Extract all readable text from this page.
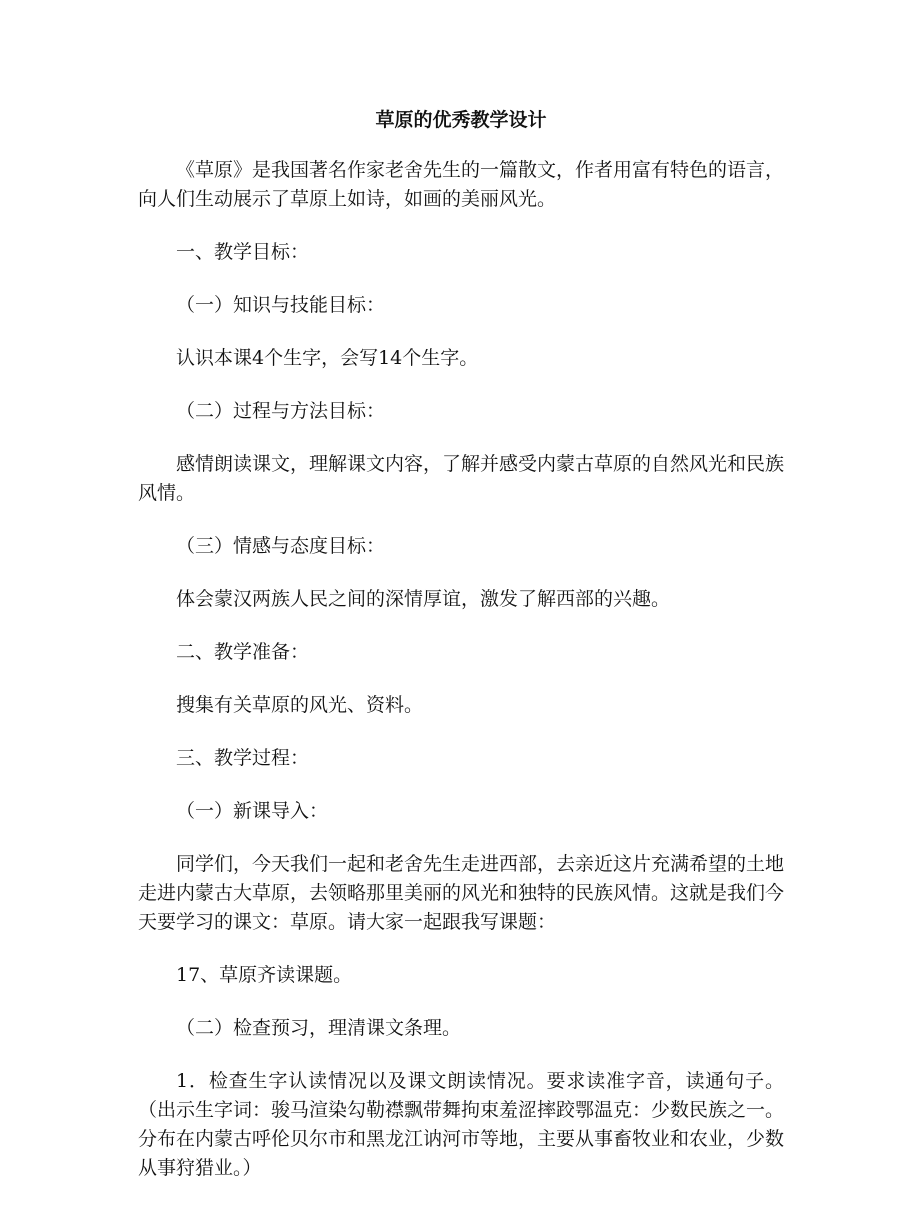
草原的优秀教学设计

《草原》是我国著名作家老舍先生的一篇散文，作者用富有特色的语言，向人们生动展示了草原上如诗，如画的美丽风光。

一、教学目标：

（一）知识与技能目标：

认识本课4个生字，会写14个生字。

（二）过程与方法目标：

感情朗读课文，理解课文内容，了解并感受内蒙古草原的自然风光和民族风情。

（三）情感与态度目标：

体会蒙汉两族人民之间的深情厚谊，激发了解西部的兴趣。

二、教学准备：

搜集有关草原的风光、资料。

三、教学过程：

（一）新课导入：

同学们，今天我们一起和老舍先生走进西部，去亲近这片充满希望的土地走进内蒙古大草原，去领略那里美丽的风光和独特的民族风情。这就是我们今天要学习的课文：草原。请大家一起跟我写课题：

17、草原齐读课题。

（二）检查预习，理清课文条理。

1．检查生字认读情况以及课文朗读情况。要求读准字音，读通句子。（出示生字词：骏马渲染勾勒襟飘带舞拘束羞涩摔跤鄂温克：少数民族之一。分布在内蒙古呼伦贝尔市和黑龙江讷河市等地，主要从事畜牧业和农业，少数从事狩猎业。）
